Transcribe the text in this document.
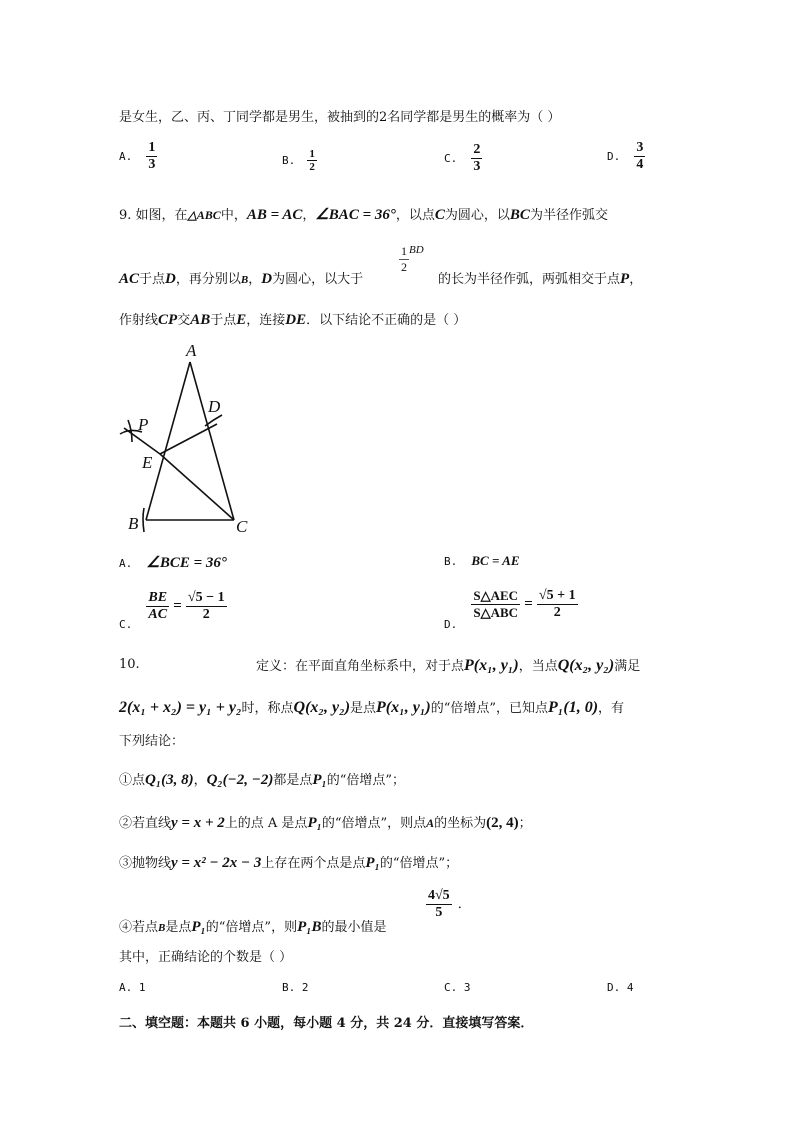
是女生，乙、丙、丁同学都是男生，被抽到的2名同学都是男生的概率为（ ）
A. $\frac{1}{3}$	B. $\frac{1}{2}$	C. $\frac{2}{3}$	D. $\frac{3}{4}$
9. 如图，在△ABC中，AB = AC，∠BAC = 36°，以点C为圆心，以BC为半径作弧交
AC于点D，再分别以B，D为圆心，以大于
$\frac{1}{2} ^{BD}$
的长为半径作弧，两弧相交于点P，
作射线CP交AB于点E，连接DE．以下结论不正确的是（ ）
A
B	C
D
E
P
A. ∠BCE = 36°	B. BC = AE
$_{C.}$
$\frac{BE}{AC} = \frac{√5 - 1}{2}$
$_{D.}$
$\frac{\text{S△AEC}}{\text{S△ABC}} = \frac{√5 + 1}{2}$
10.	定义：在平面直角坐标系中，对于点P(x₁, y₁)，当点Q(x₂, y₂)满足
2(x₁ + x₂) = y₁ + y₂时，称点Q(x₂, y₂)是点P(x₁, y₁)的“倍增点”，已知点P₁(1, 0)，有
下列结论：
①点Q₁(3, 8)，Q₂(−2, −2)都是点P₁的“倍增点”；
②若直线y = x + 2上的点 A 是点P₁的“倍增点”，则点A的坐标为(2, 4)；
③抛物线y = x² − 2x − 3上存在两个点是点P₁的“倍增点”；
④若点B是点P₁的“倍增点”，则P₁B的最小值是
$\frac{4√5}{5}$ ．
其中，正确结论的个数是（ ）
A. 1	B. 2	C. 3	D. 4
二、填空题：本题共 6 小题，每小题 4 分，共 24 分．直接填写答案．
